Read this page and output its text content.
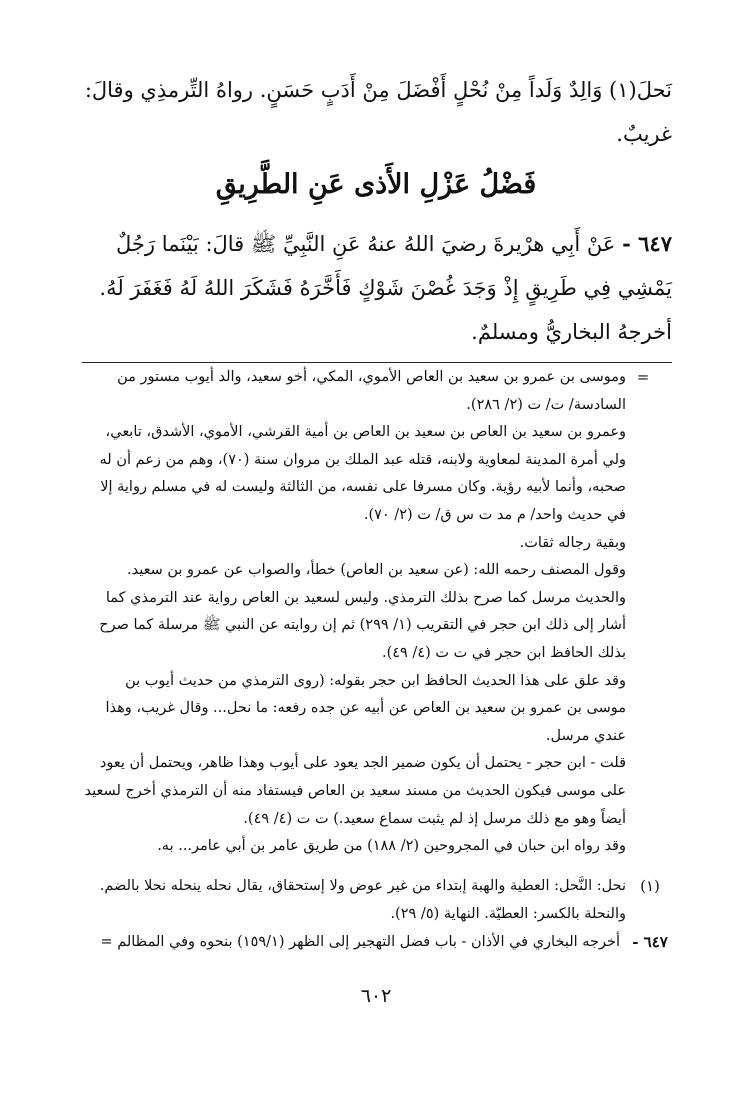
نَحلَ(١) وَالِدٌ وَلَداً مِنْ نُحْلٍ أَفْضَلَ مِنْ أَدَبٍ حَسَنٍ. رواهُ التِّرمذِي وقالَ: غريبٌ.

فَضْلُ عَزْلِ الأَذى عَنِ الطَّرِيقِ

٦٤٧ - عَنْ أَبِي هرْيرةَ رضيَ اللهُ عنهُ عَنِ النَّبِيِّ ﷺ قالَ: بَيْنَما رَجُلٌ يَمْشِي فِي طَرِيقٍ إِذْ وَجَدَ غُصْنَ شَوْكٍ فَأَخَّرَهُ فَشَكَرَ اللهُ لَهُ فَغَفَرَ لَهُ. أخرجهُ البخاريُّ ومسلمٌ.

=

وموسى بن عمرو بن سعيد بن العاص الأموي، المكي، أخو سعيد، والد أيوب مستور من السادسة/ ت/ ت (٢/ ٢٨٦).

وعمرو بن سعيد بن العاص بن سعيد بن العاص بن أمية القرشي، الأموي، الأشدق، تابعي، ولي أمرة المدينة لمعاوية ولابنه، قتله عبد الملك بن مروان سنة (٧٠)، وهم من زعم أن له صحبه، وأنما لأبيه رؤية. وكان مسرفا على نفسه، من الثالثة وليست له في مسلم رواية إلا في حديث واحد/ م مد ت س ق/ ت (٢/ ٧٠).

وبقية رجاله ثقات.

وقول المصنف رحمه الله: (عن سعيد بن العاص) خطأ، والصواب عن عمرو بن سعيد. والحديث مرسل كما صرح بذلك الترمذي. وليس لسعيد بن العاص رواية عند الترمذي كما أشار إلى ذلك ابن حجر في التقريب (١/ ٢٩٩) ثم إن روايته عن النبي ﷺ مرسلة كما صرح بذلك الحافظ ابن حجر في ت ت (٤/ ٤٩).

وقد علق على هذا الحديث الحافظ ابن حجر بقوله: (روى الترمذي من حديث أيوب بن موسى بن عمرو بن سعيد بن العاص عن أبيه عن جده رفعه: ما نحل... وقال غريب، وهذا عندي مرسل.

قلت - ابن حجر - يحتمل أن يكون ضمير الجد يعود على أيوب وهذا ظاهر، ويحتمل أن يعود على موسى فيكون الحديث من مسند سعيد بن العاص فيستفاد منه أن الترمذي أخرج لسعيد أيضاً وهو مع ذلك مرسل إذ لم يثبت سماع سعيد.) ت ت (٤/ ٤٩).

وقد رواه ابن حبان في المجروحين (٢/ ١٨٨) من طريق عامر بن أبي عامر... به.

(١)

نحل: النَّحل: العطية والهبة إبتداء من غير عوض ولا إستحقاق، يقال نحله ينحله نحلا بالضم. والنحلة بالكسر: العطيّة. النهاية (٥/ ٢٩).

٦٤٧ -

أخرجه البخاري في الأذان - باب فضل التهجير إلى الظهر (١٥٩/١) بنحوه وفي المظالم =

٦٠٢
